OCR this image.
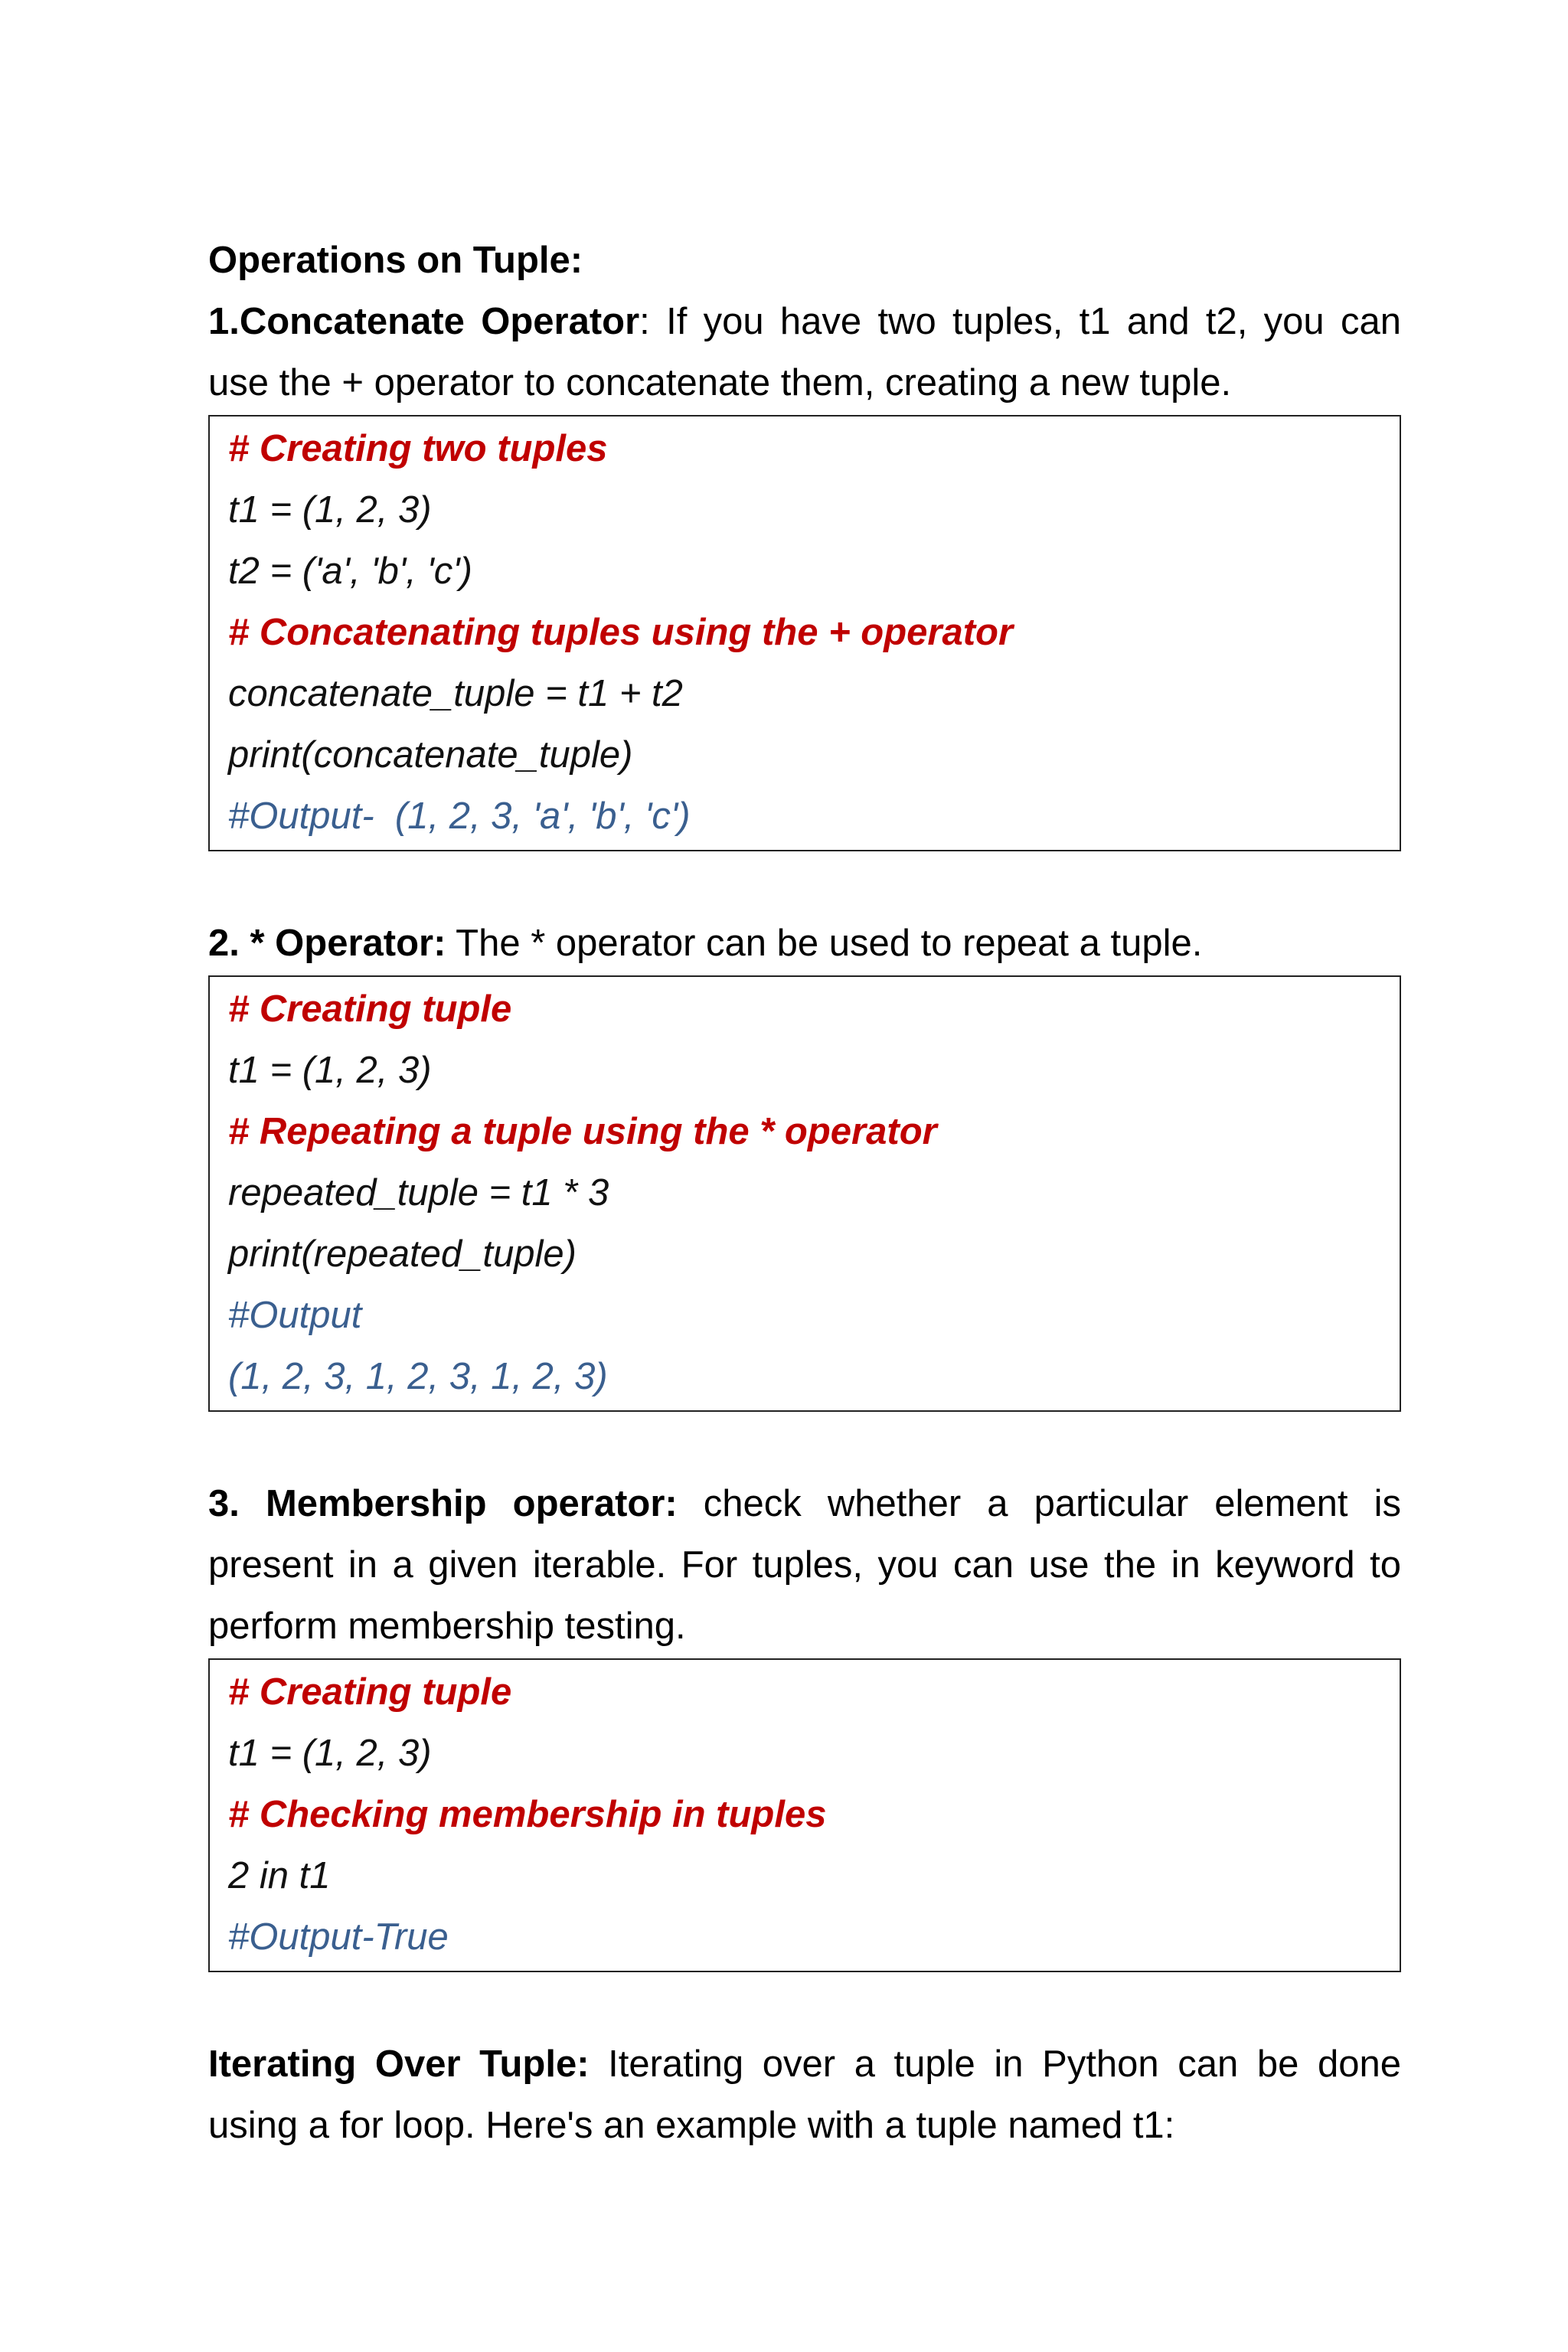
Operations on Tuple:

1.Concatenate Operator: If you have two tuples, t1 and t2, you can use the + operator to concatenate them, creating a new tuple.

# Creating two tuples
t1 = (1, 2, 3)
t2 = ('a', 'b', 'c')
# Concatenating tuples using the + operator
concatenate_tuple = t1 + t2
print(concatenate_tuple)
#Output-  (1, 2, 3, 'a', 'b', 'c')

2. * Operator: The * operator can be used to repeat a tuple.

# Creating tuple
t1 = (1, 2, 3)
# Repeating a tuple using the * operator
repeated_tuple = t1 * 3
print(repeated_tuple)
#Output
(1, 2, 3, 1, 2, 3, 1, 2, 3)

3. Membership operator: check whether a particular element is present in a given iterable. For tuples, you can use the in keyword to perform membership testing.

# Creating tuple
t1 = (1, 2, 3)
# Checking membership in tuples
2 in t1
#Output-True

Iterating Over Tuple: Iterating over a tuple in Python can be done using a for loop. Here's an example with a tuple named t1:
